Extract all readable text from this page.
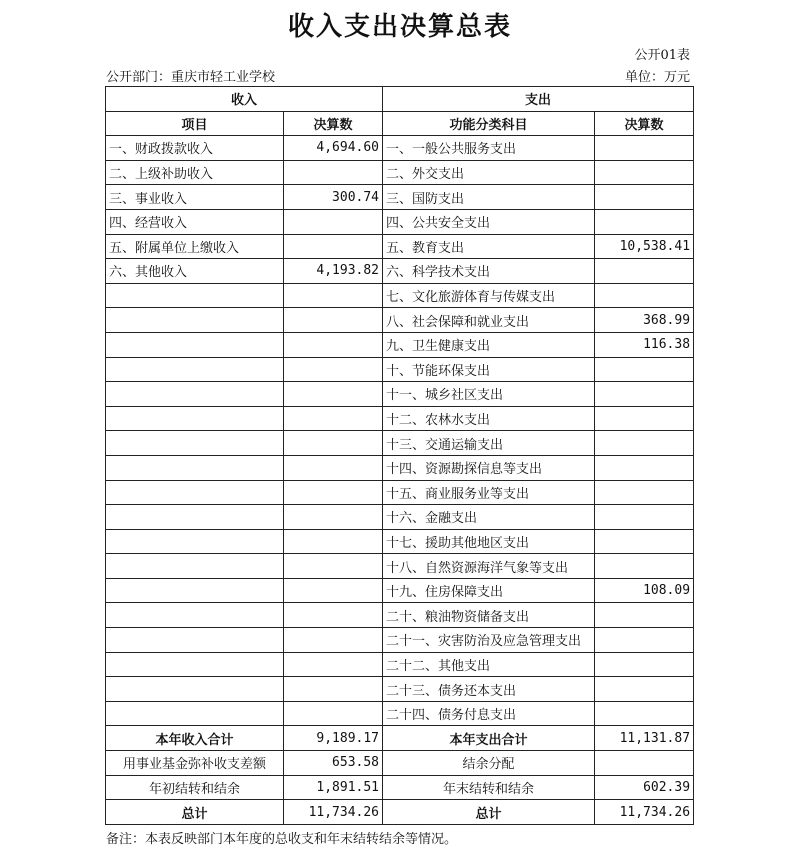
收入支出决算总表
公开01表
公开部门：重庆市轻工业学校	单位：万元
收入		支出	
项目	决算数	功能分类科目	决算数
一、财政拨款收入	4,694.60	一、一般公共服务支出	
二、上级补助收入		二、外交支出	
三、事业收入	300.74	三、国防支出	
四、经营收入		四、公共安全支出	
五、附属单位上缴收入		五、教育支出	10,538.41
六、其他收入	4,193.82	六、科学技术支出	
		七、文化旅游体育与传媒支出	
		八、社会保障和就业支出	368.99
		九、卫生健康支出	116.38
		十、节能环保支出	
		十一、城乡社区支出	
		十二、农林水支出	
		十三、交通运输支出	
		十四、资源勘探信息等支出	
		十五、商业服务业等支出	
		十六、金融支出	
		十七、援助其他地区支出	
		十八、自然资源海洋气象等支出	
		十九、住房保障支出	108.09
		二十、粮油物资储备支出	
		二十一、灾害防治及应急管理支出	
		二十二、其他支出	
		二十三、债务还本支出	
		二十四、债务付息支出	
本年收入合计	9,189.17	本年支出合计	11,131.87
用事业基金弥补收支差额	653.58	结余分配	
年初结转和结余	1,891.51	年末结转和结余	602.39
总计	11,734.26	总计	11,734.26
备注：本表反映部门本年度的总收支和年末结转结余等情况。
